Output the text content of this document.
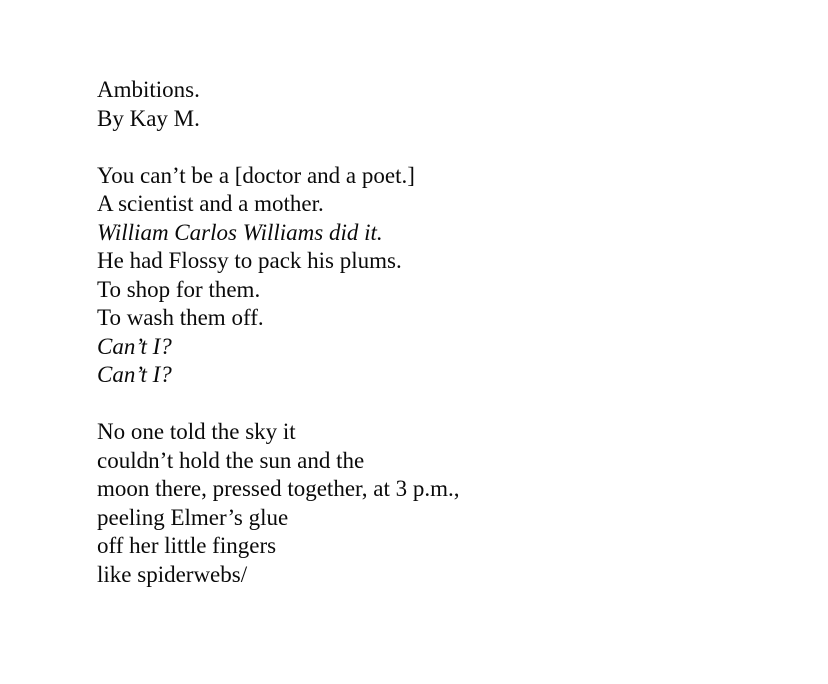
Ambitions.
By Kay M.
You can’t be a [doctor and a poet.]
A scientist and a mother.
William Carlos Williams did it.
He had Flossy to pack his plums.
To shop for them.
To wash them off.
Can’t I?
Can’t I?
No one told the sky it
couldn’t hold the sun and the
moon there, pressed together, at 3 p.m.,
peeling Elmer’s glue
off her little fingers
like spiderwebs/
